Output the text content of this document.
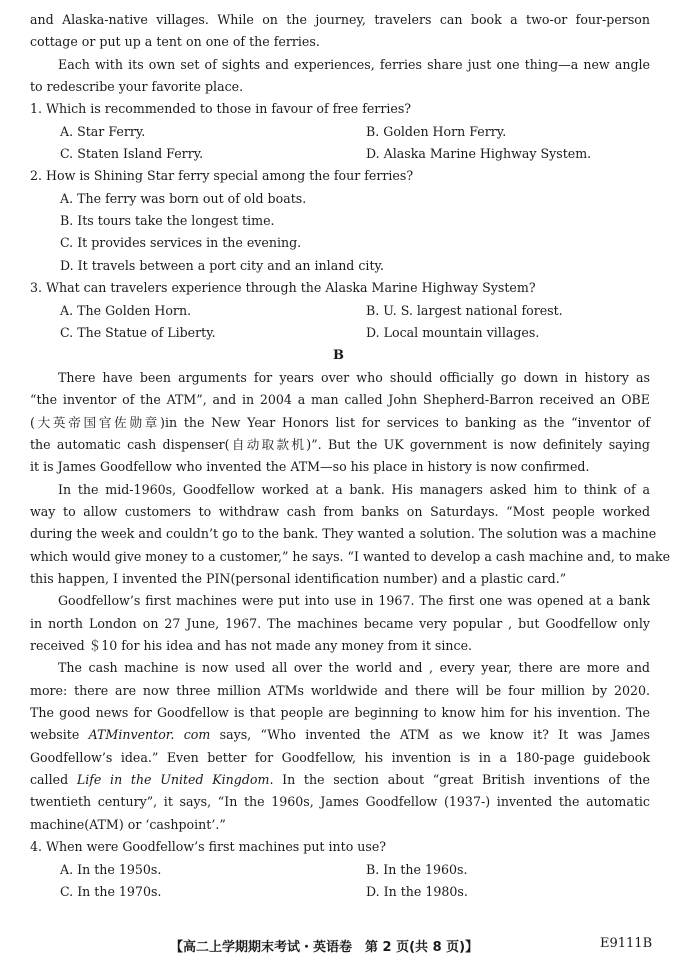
and Alaska-native villages. While on the journey, travelers can book a two-or four-person
cottage or put up a tent on one of the ferries.
Each with its own set of sights and experiences, ferries share just one thing—a new angle
to redescribe your favorite place.
1. Which is recommended to those in favour of free ferries?
A. Star Ferry.	B. Golden Horn Ferry.
C. Staten Island Ferry.	D. Alaska Marine Highway System.
2. How is Shining Star ferry special among the four ferries?
A. The ferry was born out of old boats.
B. Its tours take the longest time.
C. It provides services in the evening.
D. It travels between a port city and an inland city.
3. What can travelers experience through the Alaska Marine Highway System?
A. The Golden Horn.	B. U. S. largest national forest.
C. The Statue of Liberty.	D. Local mountain villages.
B
There have been arguments for years over who should officially go down in history as
“the inventor of the ATM”, and in 2004 a man called John Shepherd-Barron received an OBE
(大英帝国官佐勋章)in the New Year Honors list for services to banking as the “inventor of
the automatic cash dispenser(自动取款机)”. But the UK government is now definitely saying
it is James Goodfellow who invented the ATM—so his place in history is now confirmed.
In the mid-1960s, Goodfellow worked at a bank. His managers asked him to think of a
way to allow customers to withdraw cash from banks on Saturdays. “Most people worked
during the week and couldn’t go to the bank. They wanted a solution. The solution was a machine
which would give money to a customer,” he says. “I wanted to develop a cash machine and, to make
this happen, I invented the PIN(personal identification number) and a plastic card.”
Goodfellow’s first machines were put into use in 1967. The first one was opened at a bank
in north London on 27 June, 1967. The machines became very popular , but Goodfellow only
received ＄10 for his idea and has not made any money from it since.
The cash machine is now used all over the world and , every year, there are more and
more: there are now three million ATMs worldwide and there will be four million by 2020.
The good news for Goodfellow is that people are beginning to know him for his invention. The
website ATMinventor. com says, “Who invented the ATM as we know it? It was James
Goodfellow’s idea.” Even better for Goodfellow, his invention is in a 180-page guidebook
called Life in the United Kingdom. In the section about “great British inventions of the
twentieth century”, it says, “In the 1960s, James Goodfellow (1937-) invented the automatic
machine(ATM) or ‘cashpoint’.”
4. When were Goodfellow’s first machines put into use?
A. In the 1950s.	B. In the 1960s.
C. In the 1970s.	D. In the 1980s.
【高二上学期期末考试・英语卷　第 2 页(共 8 页)】	E9111B
